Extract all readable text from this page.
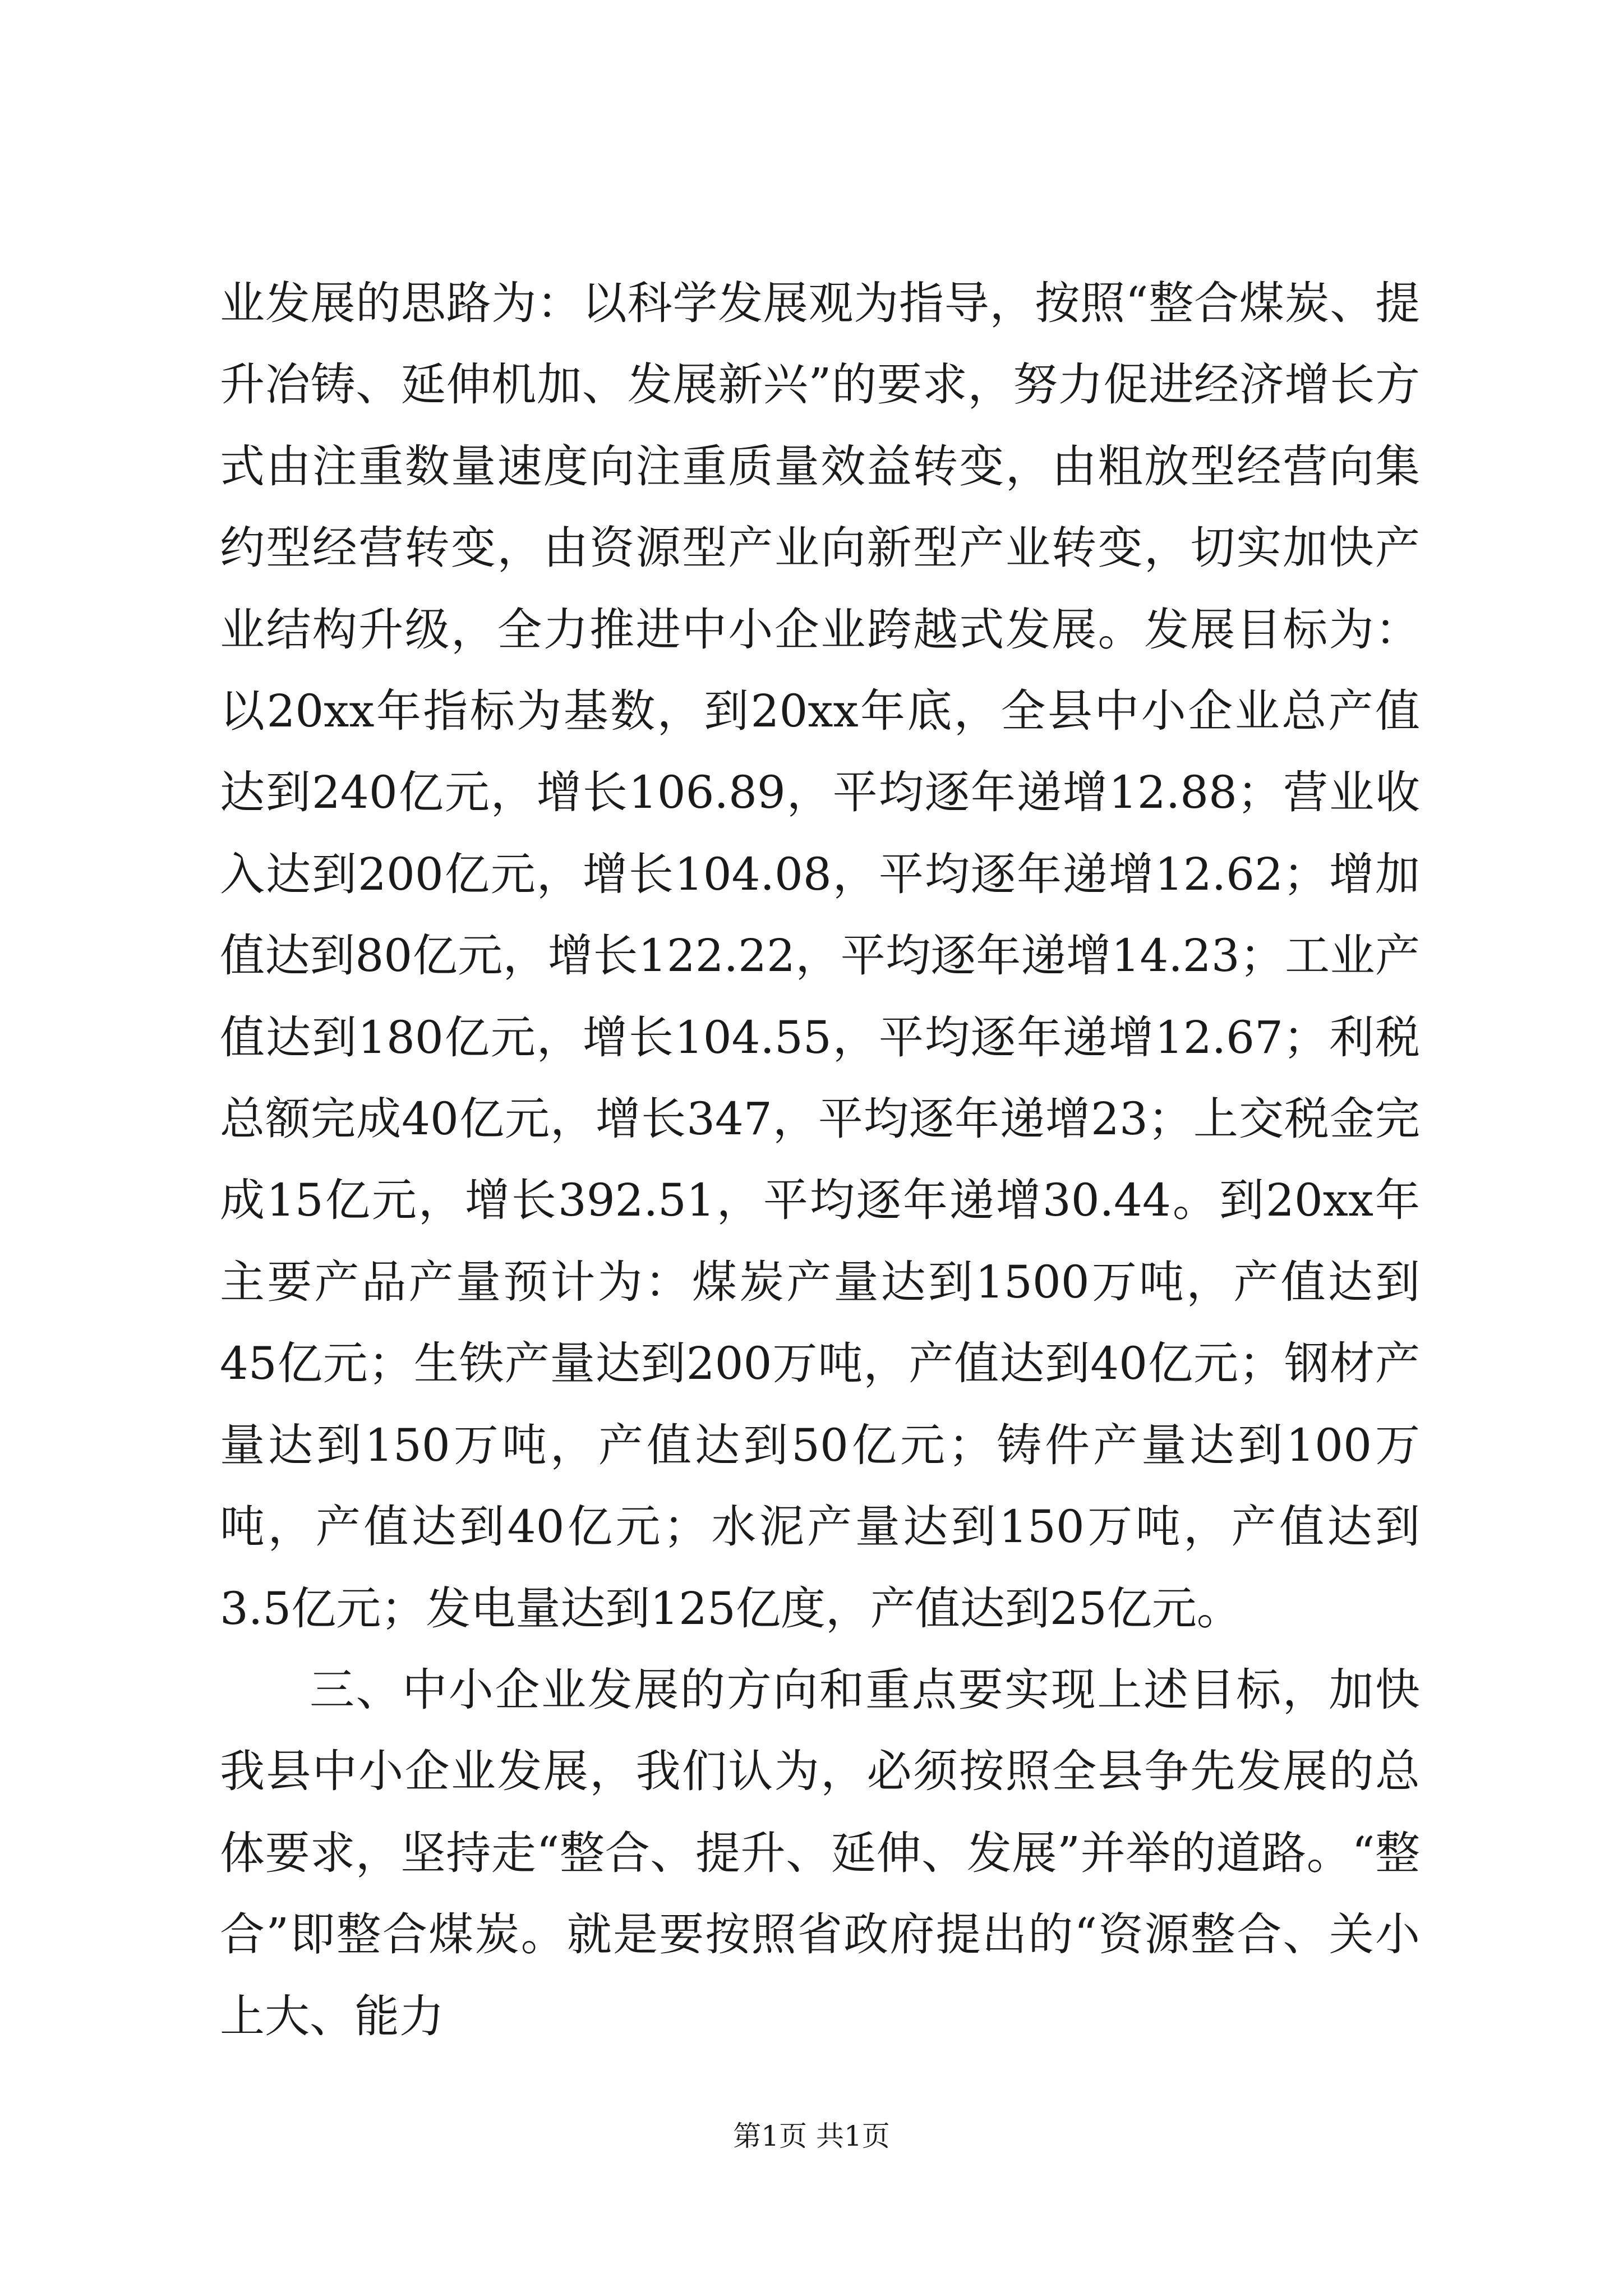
业发展的思路为：以科学发展观为指导，按照“整合煤炭、提升冶铸、延伸机加、发展新兴”的要求，努力促进经济增长方式由注重数量速度向注重质量效益转变，由粗放型经营向集约型经营转变，由资源型产业向新型产业转变，切实加快产业结构升级，全力推进中小企业跨越式发展。发展目标为：以20xx年指标为基数，到20xx年底，全县中小企业总产值达到240亿元，增长106.89，平均逐年递增12.88；营业收入达到200亿元，增长104.08，平均逐年递增12.62；增加值达到80亿元，增长122.22，平均逐年递增14.23；工业产值达到180亿元，增长104.55，平均逐年递增12.67；利税总额完成40亿元，增长347，平均逐年递增23；上交税金完成15亿元，增长392.51，平均逐年递增30.44。到20xx年主要产品产量预计为：煤炭产量达到1500万吨，产值达到45亿元；生铁产量达到200万吨，产值达到40亿元；钢材产量达到150万吨，产值达到50亿元；铸件产量达到100万吨，产值达到40亿元；水泥产量达到150万吨，产值达到3.5亿元；发电量达到125亿度，产值达到25亿元。

三、中小企业发展的方向和重点要实现上述目标，加快我县中小企业发展，我们认为，必须按照全县争先发展的总体要求，坚持走“整合、提升、延伸、发展”并举的道路。“整合”即整合煤炭。就是要按照省政府提出的“资源整合、关小上大、能力

第1页 共1页
